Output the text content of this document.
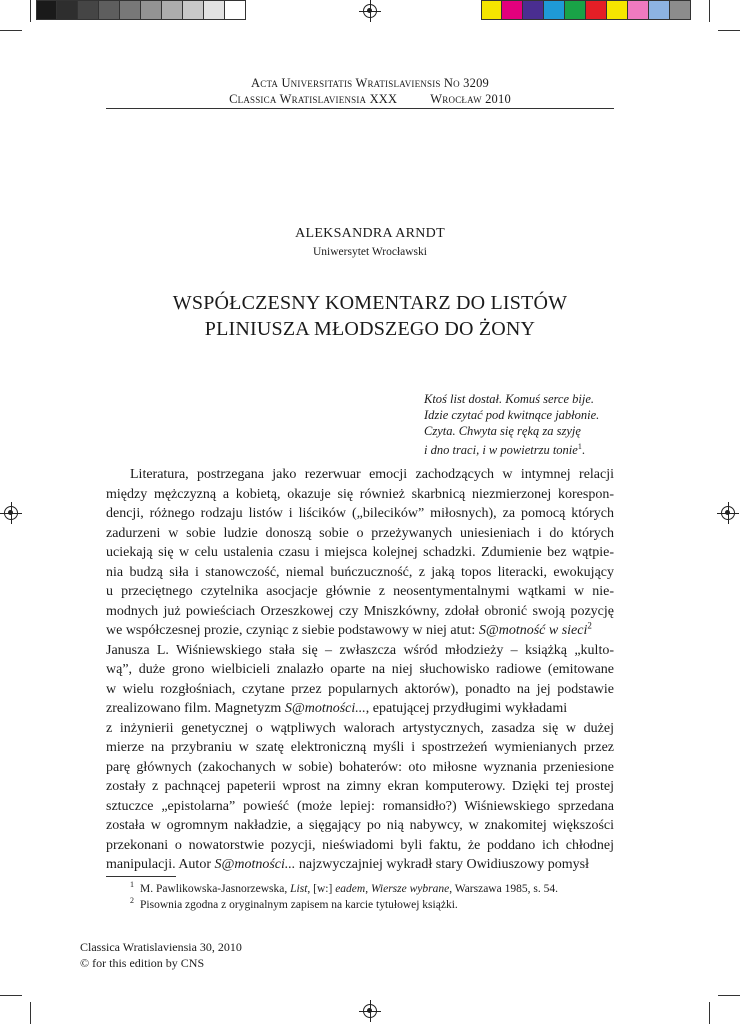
Acta Universitatis Wratislaviensis No 3209
Classica Wratislaviensia XXX	Wrocław 2010
ALEKSANDRA ARNDT
Uniwersytet Wrocławski
WSPÓŁCZESNY KOMENTARZ DO LISTÓW
PLINIUSZA MŁODSZEGO DO ŻONY
Ktoś list dostał. Komuś serce bije.
Idzie czytać pod kwitnące jabłonie.
Czyta. Chwyta się ręką za szyję
i dno traci, i w powietrzu tonie$^1$.
Literatura, postrzegana jako rezerwuar emocji zachodzących w intymnej relacji
między mężczyzną a kobietą, okazuje się również skarbnicą niezmierzonej korespon-
dencji, różnego rodzaju listów i liścików („bilecików” miłosnych), za pomocą których
zadurzeni w sobie ludzie donoszą sobie o przeżywanych uniesieniach i do których
uciekają się w celu ustalenia czasu i miejsca kolejnej schadzki. Zdumienie bez wątpie-
nia budzą siła i stanowczość, niemal buńczuczność, z jaką topos literacki, ewokujący
u przeciętnego czytelnika asocjacje głównie z neosentymentalnymi wątkami w nie-
modnych już powieściach Orzeszkowej czy Mniszkówny, zdołał obronić swoją pozycję
we współczesnej prozie, czyniąc z siebie podstawowy w niej atut: S@motność w sieci$^2$
Janusza L. Wiśniewskiego stała się – zwłaszcza wśród młodzieży – książką „kulto-
wą”, duże grono wielbicieli znalazło oparte na niej słuchowisko radiowe (emitowane
w wielu rozgłośniach, czytane przez popularnych aktorów), ponadto na jej podstawie
zrealizowano film. Magnetyzm S@motności..., epatującej przydługimi wykładami
z inżynierii genetycznej o wątpliwych walorach artystycznych, zasadza się w dużej
mierze na przybraniu w szatę elektroniczną myśli i spostrzeżeń wymienianych przez
parę głównych (zakochanych w sobie) bohaterów: oto miłosne wyznania przeniesione
zostały z pachnącej papeterii wprost na zimny ekran komputerowy. Dzięki tej prostej
sztuczce „epistolarna” powieść (może lepiej: romansidło?) Wiśniewskiego sprzedana
została w ogromnym nakładzie, a sięgający po nią nabywcy, w znakomitej większości
przekonani o nowatorstwie pozycji, nieświadomi byli faktu, że poddano ich chłodnej
manipulacji. Autor S@motności... najzwyczajniej wykradł stary Owidiuszowy pomysł
$^1$ M. Pawlikowska-Jasnorzewska, List, [w:] eadem, Wiersze wybrane, Warszawa 1985, s. 54.
$^2$ Pisownia zgodna z oryginalnym zapisem na karcie tytułowej książki.
Classica Wratislaviensia 30, 2010
© for this edition by CNS
